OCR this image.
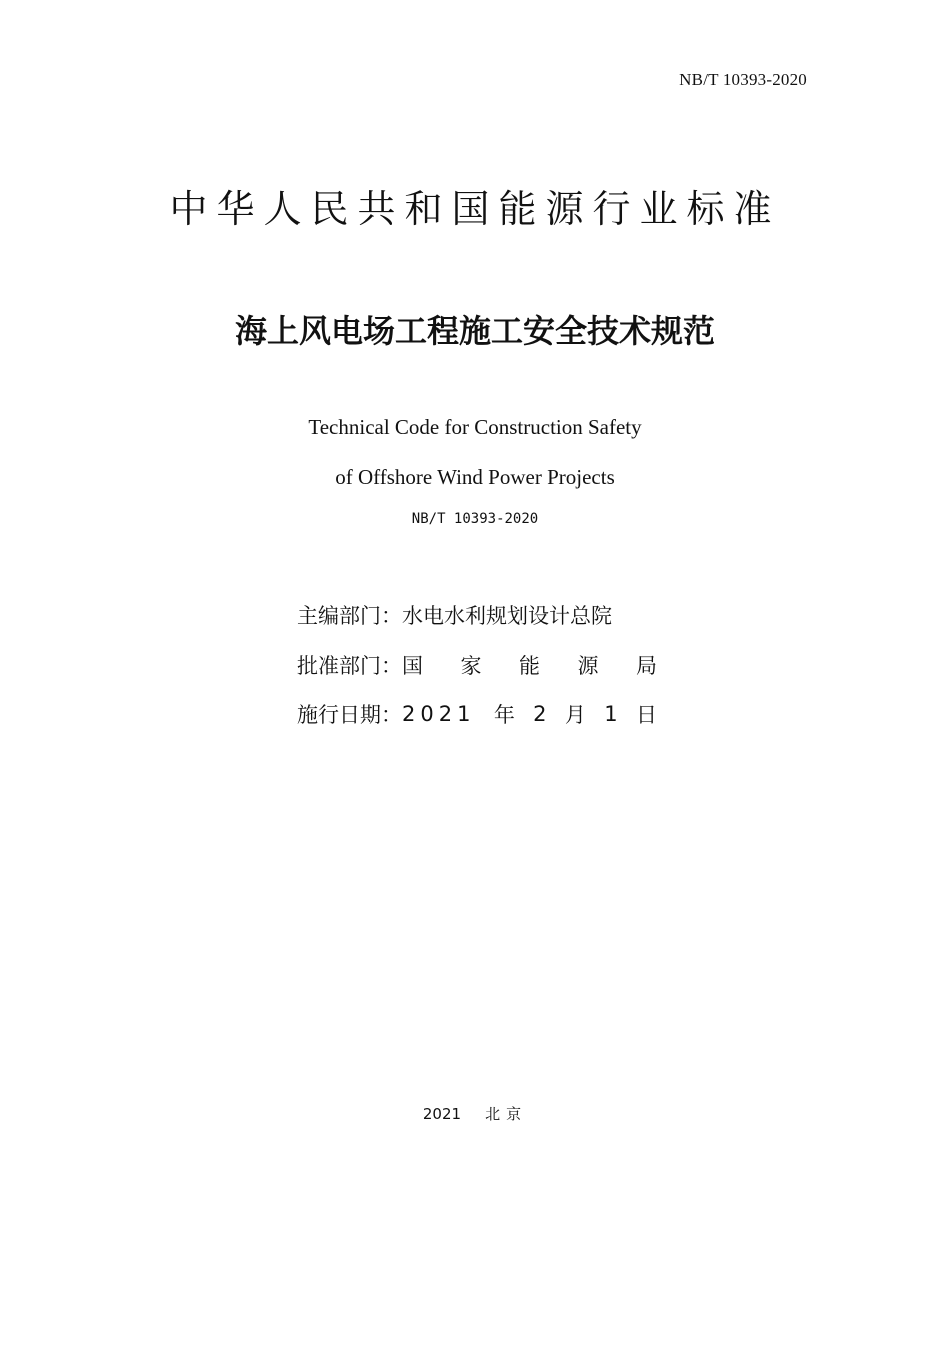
NB/T 10393-2020
中华人民共和国能源行业标准
海上风电场工程施工安全技术规范
Technical Code for Construction Safety
of Offshore Wind Power Projects
NB/T 10393-2020
主编部门： 水电水利规划设计总院
批准部门： 国 家 能 源 局
施行日期： 2021 年 2 月 1 日
2021 北京
